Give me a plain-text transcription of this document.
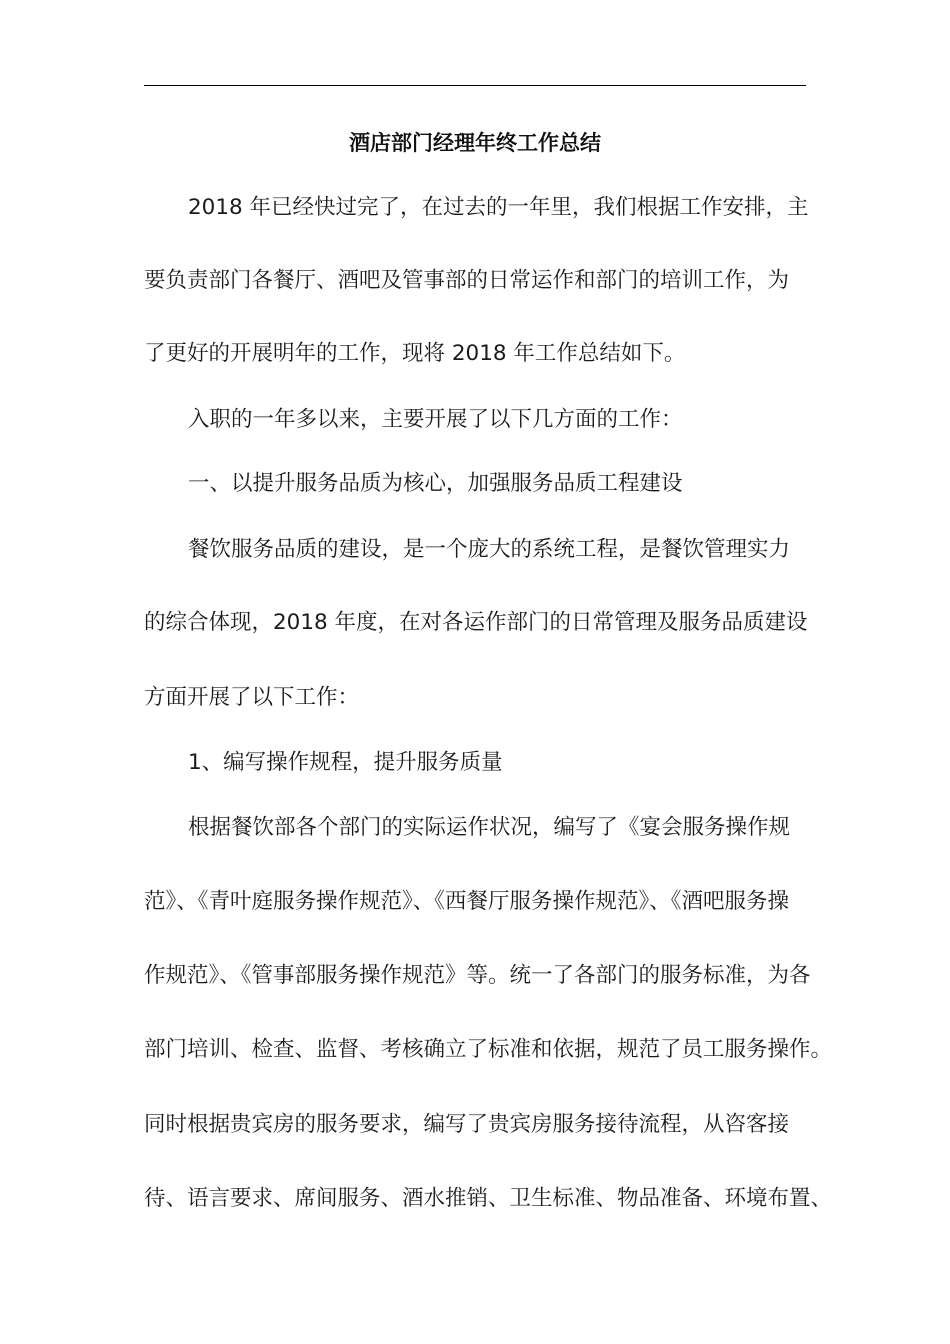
酒店部门经理年终工作总结
2018 年已经快过完了，在过去的一年里，我们根据工作安排，主
要负责部门各餐厅、酒吧及管事部的日常运作和部门的培训工作，为
了更好的开展明年的工作，现将 2018 年工作总结如下。
入职的一年多以来，主要开展了以下几方面的工作：
一、以提升服务品质为核心，加强服务品质工程建设
餐饮服务品质的建设，是一个庞大的系统工程，是餐饮管理实力
的综合体现，2018 年度，在对各运作部门的日常管理及服务品质建设
方面开展了以下工作：
1、编写操作规程，提升服务质量
根据餐饮部各个部门的实际运作状况，编写了《宴会服务操作规
范》、《青叶庭服务操作规范》、《西餐厅服务操作规范》、《酒吧服务操
作规范》、《管事部服务操作规范》等。统一了各部门的服务标准，为各
部门培训、检查、监督、考核确立了标准和依据，规范了员工服务操作。
同时根据贵宾房的服务要求，编写了贵宾房服务接待流程，从咨客接
待、语言要求、席间服务、酒水推销、卫生标准、物品准备、环境布置、
